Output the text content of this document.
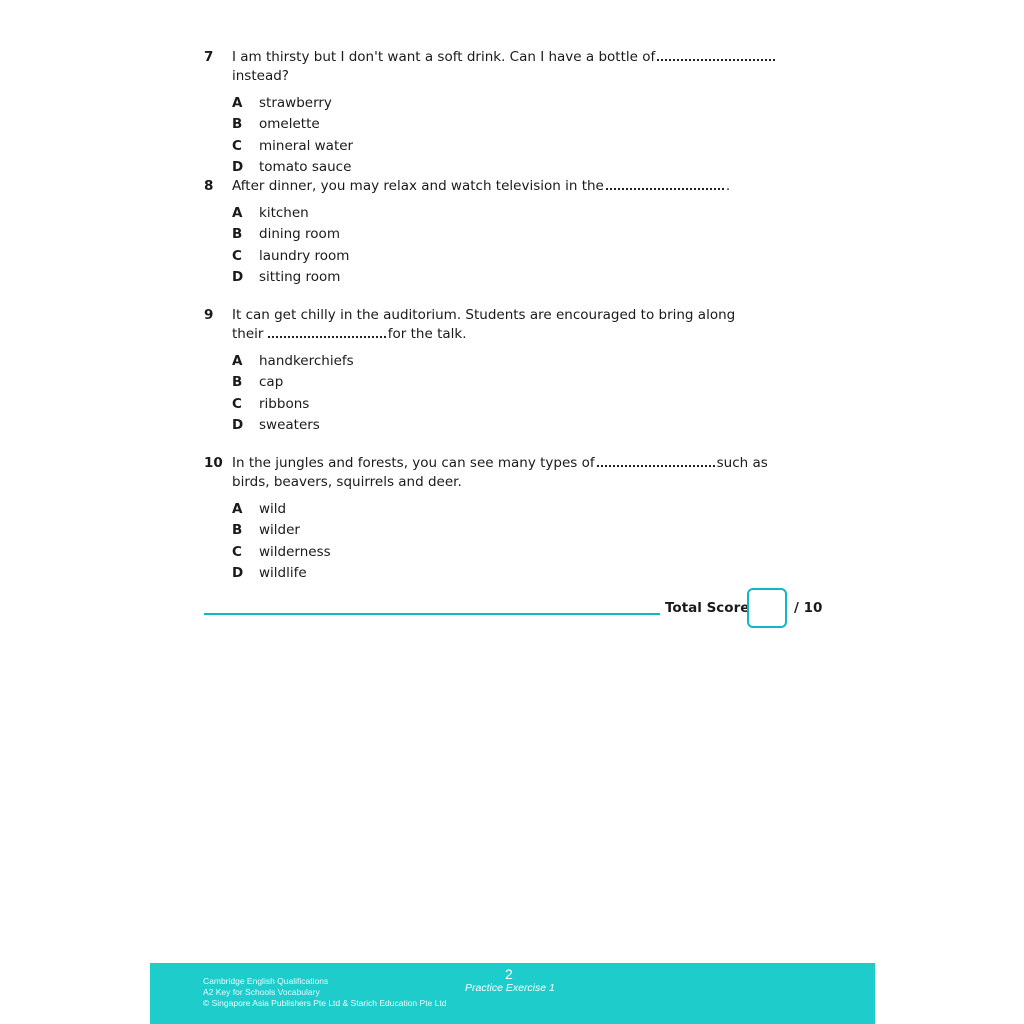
7	I am thirsty but I don't want a soft drink. Can I have a bottle ofinstead?
A	strawberry
B	omelette
C	mineral water
D	tomato sauce
8	After dinner, you may relax and watch television in the	.
A	kitchen
B	dining room
C	laundry room
D	sitting room
9	It can get chilly in the auditorium. Students are encouraged to bring along their	for the talk.
A	handkerchiefs
B	cap
C	ribbons
D	sweaters
10 In the jungles and forests, you can see many types of	such as birds, beavers, squirrels and deer.
A	wild
B	wilder
C	wilderness
D	wildlife
Total Score	/ 10
Cambridge English Qualifications
A2 Key for Schools Vocabulary
© Singapore Asia Publishers Pte Ltd & Starich Education Pte Ltd
2
Practice Exercise 1
